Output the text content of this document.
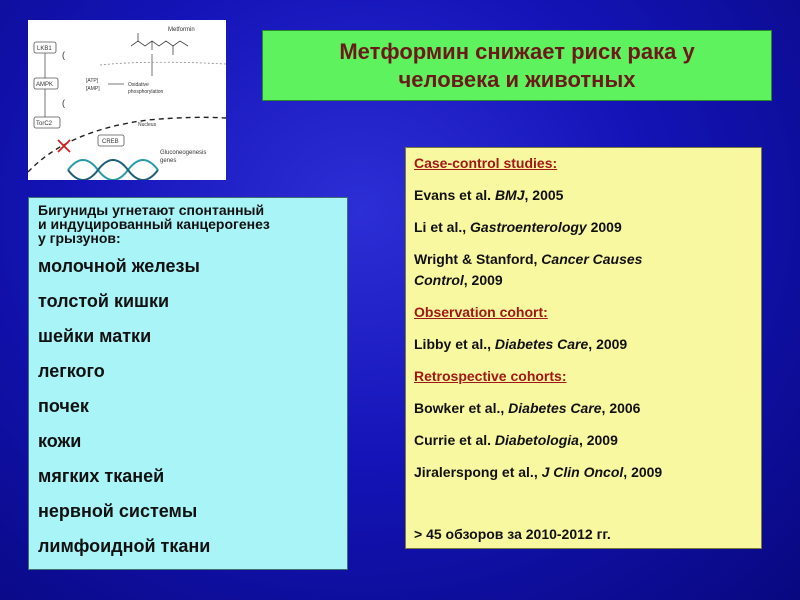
Metformin
LKB1
(
AMPK
(
TorC2
[ATP]
[AMP]
Oxidative
phosphorylation
Nucleus
CREB
Gluconeogenesis
genes
Метформин снижает риск рака у
человека и животных
Бигуниды угнетают спонтанный
и индуцированный канцерогенез
у грызунов:
молочной железы
толстой кишки
шейки матки
легкого
почек
кожи
мягких тканей
нервной системы
лимфоидной ткани
Case-control studies:
Evans et al. BMJ, 2005
Li et al., Gastroenterology 2009
Wright & Stanford, Cancer Causes
Control, 2009
Observation cohort:
Libby et al., Diabetes Care, 2009
Retrospective cohorts:
Bowker et al., Diabetes Care, 2006
Currie et al. Diabetologia, 2009
Jiralerspong et al., J Clin Oncol, 2009
> 45 обзоров за 2010-2012 гг.
